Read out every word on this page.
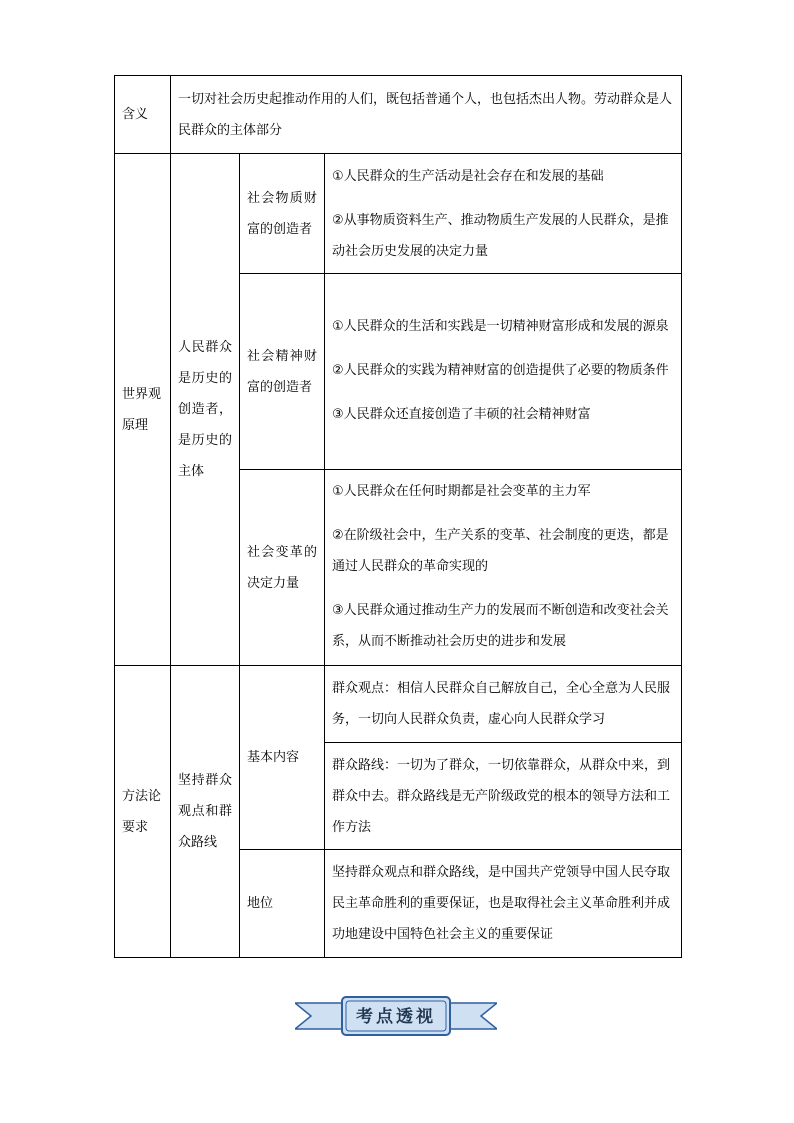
含义	一切对社会历史起推动作用的人们，既包括普通个人，也包括杰出人物。劳动群众是人民群众的主体部分		
世界观原理	人民群众是历史的创造者，是历史的主体	社会物质财富的创造者	①人民群众的生产活动是社会存在和发展的基础

②从事物质资料生产、推动物质生产发展的人民群众，是推动社会历史发展的决定力量

		社会精神财富的创造者	①人民群众的生活和实践是一切精神财富形成和发展的源泉

②人民群众的实践为精神财富的创造提供了必要的物质条件

③人民群众还直接创造了丰硕的社会精神财富

		社会变革的决定力量	①人民群众在任何时期都是社会变革的主力军

②在阶级社会中，生产关系的变革、社会制度的更迭，都是通过人民群众的革命实现的

③人民群众通过推动生产力的发展而不断创造和改变社会关系，从而不断推动社会历史的进步和发展

方法论要求	坚持群众观点和群众路线	基本内容	群众观点：相信人民群众自己解放自己，全心全意为人民服务，一切向人民群众负责，虚心向人民群众学习
			群众路线：一切为了群众，一切依靠群众，从群众中来，到群众中去。群众路线是无产阶级政党的根本的领导方法和工作方法
		地位	坚持群众观点和群众路线，是中国共产党领导中国人民夺取民主革命胜利的重要保证，也是取得社会主义革命胜利并成功地建设中国特色社会主义的重要保证
考点透视
